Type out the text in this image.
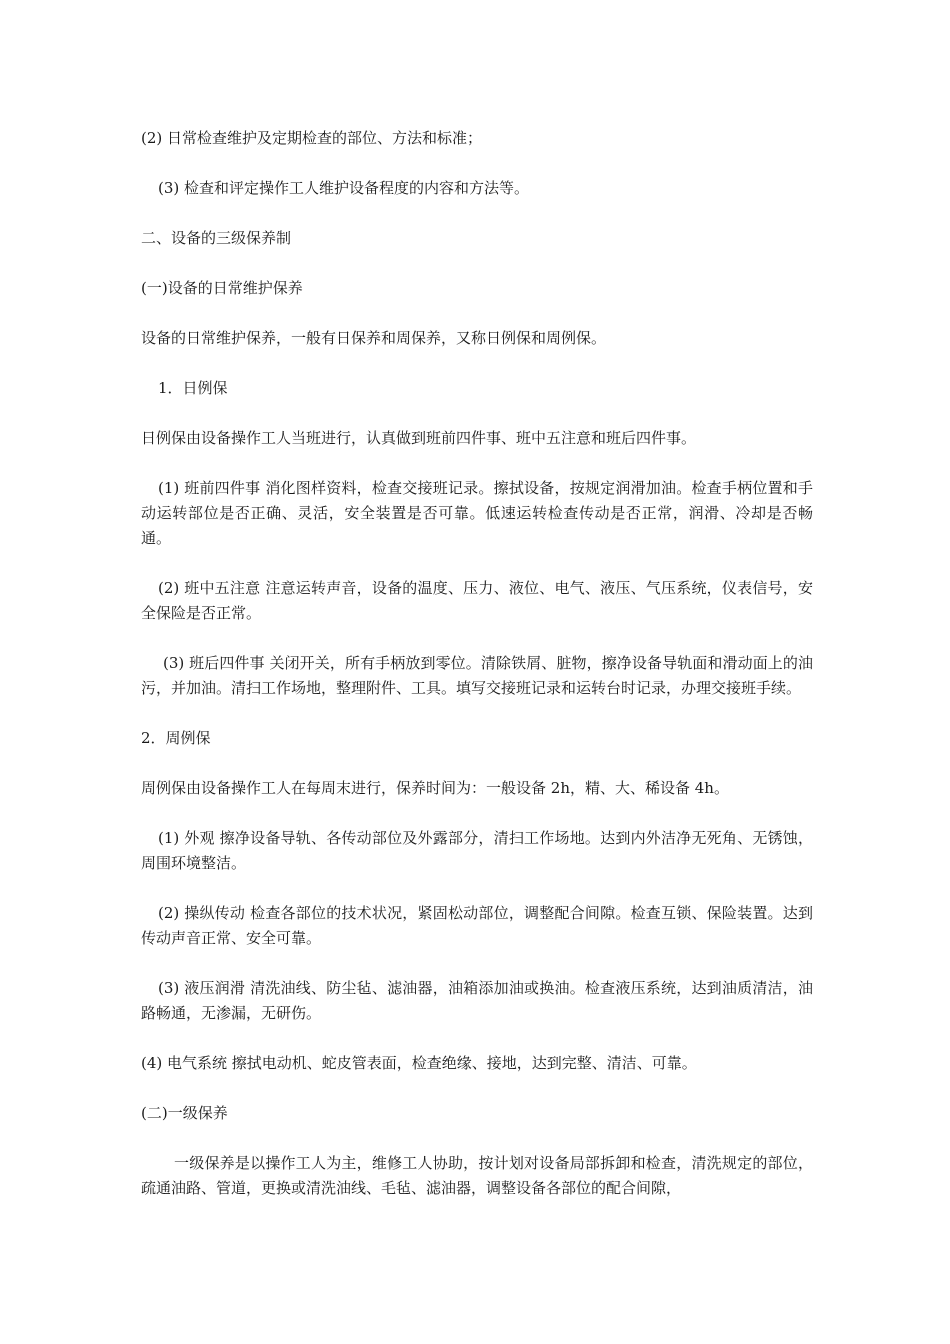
(2) 日常检查维护及定期检查的部位、方法和标准；

(3) 检查和评定操作工人维护设备程度的内容和方法等。

二、设备的三级保养制

(一)设备的日常维护保养

设备的日常维护保养，一般有日保养和周保养，又称日例保和周例保。

1．日例保

日例保由设备操作工人当班进行，认真做到班前四件事、班中五注意和班后四件事。

(1) 班前四件事 消化图样资料，检查交接班记录。擦拭设备，按规定润滑加油。检查手柄位置和手动运转部位是否正确、灵活，安全装置是否可靠。低速运转检查传动是否正常，润滑、冷却是否畅通。

(2) 班中五注意 注意运转声音，设备的温度、压力、液位、电气、液压、气压系统，仪表信号，安全保险是否正常。

(3) 班后四件事 关闭开关，所有手柄放到零位。清除铁屑、脏物，擦净设备导轨面和滑动面上的油污，并加油。清扫工作场地，整理附件、工具。填写交接班记录和运转台时记录，办理交接班手续。

2．周例保

周例保由设备操作工人在每周末进行，保养时间为：一般设备 2h，精、大、稀设备 4h。

(1) 外观 擦净设备导轨、各传动部位及外露部分，清扫工作场地。达到内外洁净无死角、无锈蚀，周围环境整洁。

(2) 操纵传动 检查各部位的技术状况，紧固松动部位，调整配合间隙。检查互锁、保险装置。达到传动声音正常、安全可靠。

(3) 液压润滑 清洗油线、防尘毡、滤油器，油箱添加油或换油。检查液压系统，达到油质清洁，油路畅通，无渗漏，无研伤。

(4) 电气系统 擦拭电动机、蛇皮管表面，检查绝缘、接地，达到完整、清洁、可靠。

(二)一级保养

一级保养是以操作工人为主，维修工人协助，按计划对设备局部拆卸和检查，清洗规定的部位，疏通油路、管道，更换或清洗油线、毛毡、滤油器，调整设备各部位的配合间隙，
